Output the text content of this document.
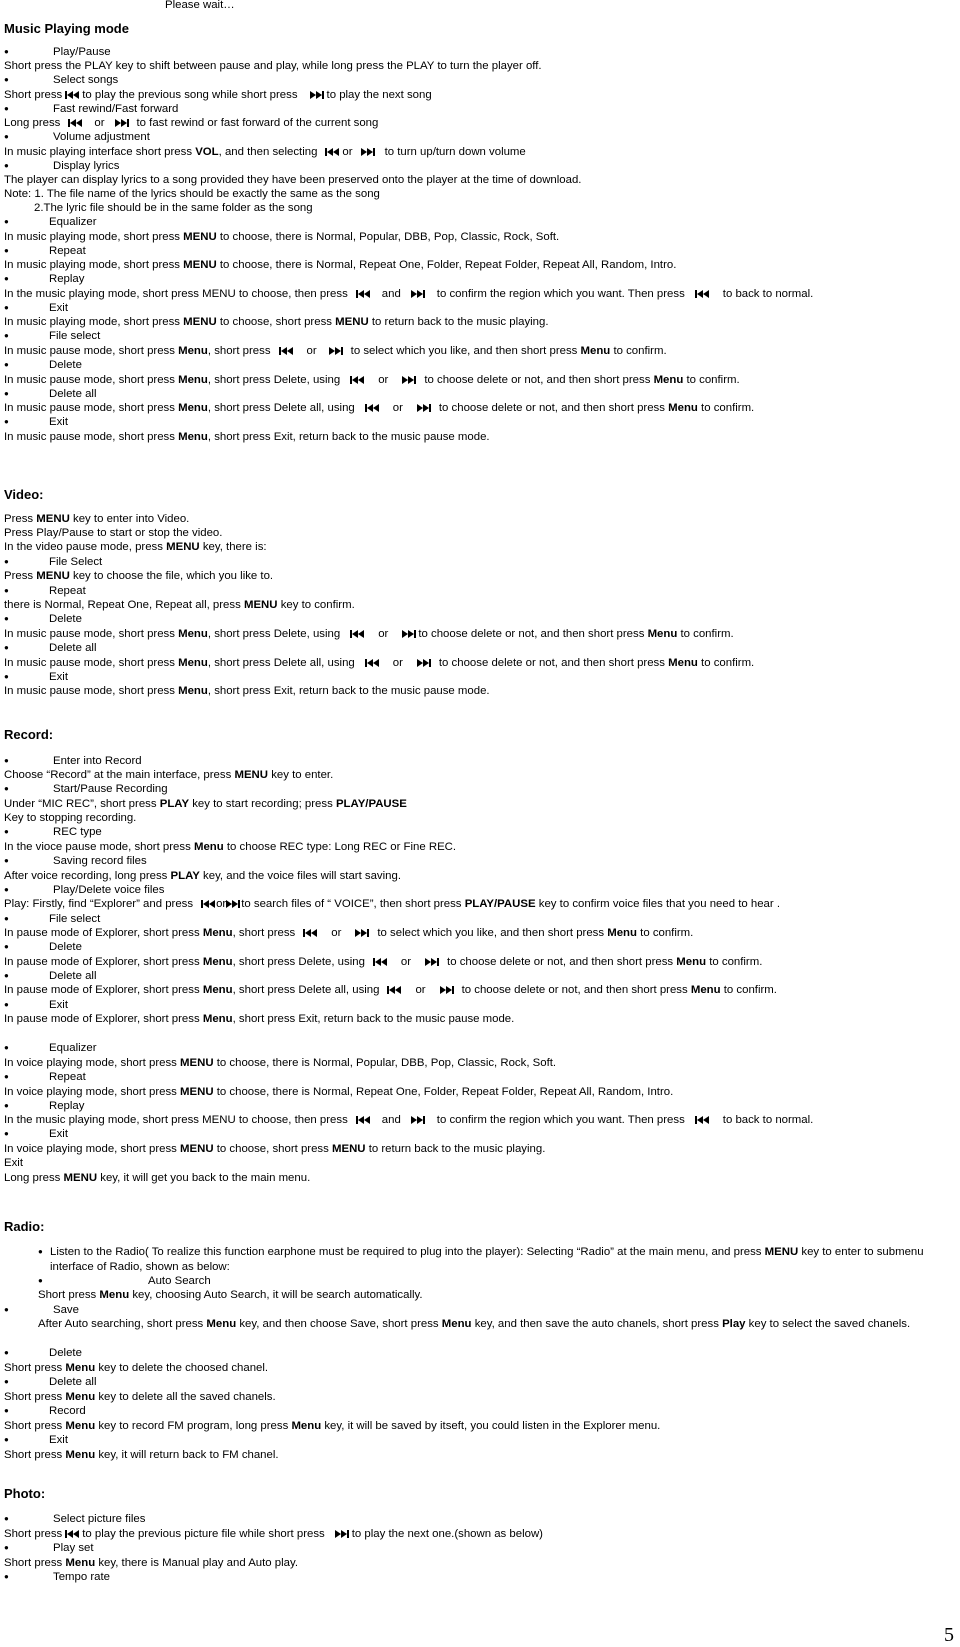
Please wait…
Music Playing mode
● Play/Pause
Short press the PLAY key to shift between pause and play, while long press the PLAY to turn the player off.
● Select songs
Short press to play the previous song while short press	to play the next song
● Fast rewind/Fast forward
Long press	or	to fast rewind or fast forward of the current song
● Volume adjustment
In music playing interface short press VOL, and then selecting or	to turn up/turn down volume
● Display lyrics
The player can display lyrics to a song provided they have been preserved onto the player at the time of download.
Note: 1. The file name of the lyrics should be exactly the same as the song
2.The lyric file should be in the same folder as the song
● Equalizer
In music playing mode, short press MENU to choose, there is Normal, Popular, DBB, Pop, Classic, Rock, Soft.
● Repeat
In music playing mode, short press MENU to choose, there is Normal, Repeat One, Folder, Repeat Folder, Repeat All, Random, Intro.
● Replay
In the music playing mode, short press MENU to choose, then press	and	to confirm the region which you want. Then press	to back to normal.
● Exit
In music playing mode, short press MENU to choose, short press MENU to return back to the music playing.
● File select
In music pause mode, short press Menu, short press	or	to select which you like, and then short press Menu to confirm.
● Delete
In music pause mode, short press Menu, short press Delete, using	or	to choose delete or not, and then short press Menu to confirm.
● Delete all
In music pause mode, short press Menu, short press Delete all, using	or	to choose delete or not, and then short press Menu to confirm.
● Exit
In music pause mode, short press Menu, short press Exit, return back to the music pause mode.
Video:
Press MENU key to enter into Video.
Press Play/Pause to start or stop the video.
In the video pause mode, press MENU key, there is:
● File Select
Press MENU key to choose the file, which you like to.
● Repeat
there is Normal, Repeat One, Repeat all, press MENU key to confirm.
● Delete
In music pause mode, short press Menu, short press Delete, using	or	to choose delete or not, and then short press Menu to confirm.
● Delete all
In music pause mode, short press Menu, short press Delete all, using	or	to choose delete or not, and then short press Menu to confirm.
● Exit
In music pause mode, short press Menu, short press Exit, return back to the music pause mode.
Record:
● Enter into Record
Choose “Record” at the main interface, press MENU key to enter.
● Start/Pause Recording
Under “MIC REC”, short press PLAY key to start recording; press PLAY/PAUSE
Key to stopping recording.
● REC type
In the vioce pause mode, short press Menu to choose REC type: Long REC or Fine REC.
● Saving record files
After voice recording, long press PLAY key, and the voice files will start saving.
● Play/Delete voice files
Play: Firstly, find “Explorer” and press or to search files of “ VOICE”, then short press PLAY/PAUSE key to confirm voice files that you need to hear .
● File select
In pause mode of Explorer, short press Menu, short press	or	to select which you like, and then short press Menu to confirm.
● Delete
In pause mode of Explorer, short press Menu, short press Delete, using	or	to choose delete or not, and then short press Menu to confirm.
● Delete all
In pause mode of Explorer, short press Menu, short press Delete all, using	or	to choose delete or not, and then short press Menu to confirm.
● Exit
In pause mode of Explorer, short press Menu, short press Exit, return back to the music pause mode.
● Equalizer
In voice playing mode, short press MENU to choose, there is Normal, Popular, DBB, Pop, Classic, Rock, Soft.
● Repeat
In voice playing mode, short press MENU to choose, there is Normal, Repeat One, Folder, Repeat Folder, Repeat All, Random, Intro.
● Replay
In the music playing mode, short press MENU to choose, then press	and	to confirm the region which you want. Then press	to back to normal.
● Exit
In voice playing mode, short press MENU to choose, short press MENU to return back to the music playing.
Exit
Long press MENU key, it will get you back to the main menu.
Radio:
● Listen to the Radio( To realize this function earphone must be required to plug into the player): Selecting “Radio” at the main menu, and press MENU key to enter to submenu interface of Radio, shown as below:
● Auto Search
Short press Menu key, choosing Auto Search, it will be search automatically.
● Save
After Auto searching, short press Menu key, and then choose Save, short press Menu key, and then save the auto chanels, short press Play key to select the saved chanels.
● Delete
Short press Menu key to delete the choosed chanel.
● Delete all
Short press Menu key to delete all the saved chanels.
● Record
Short press Menu key to record FM program, long press Menu key, it will be saved by itseft, you could listen in the Explorer menu.
● Exit
Short press Menu key, it will return back to FM chanel.
Photo:
● Select picture files
Short press to play the previous picture file while short press to play the next one.(shown as below)
● Play set
Short press Menu key, there is Manual play and Auto play.
● Tempo rate
5
